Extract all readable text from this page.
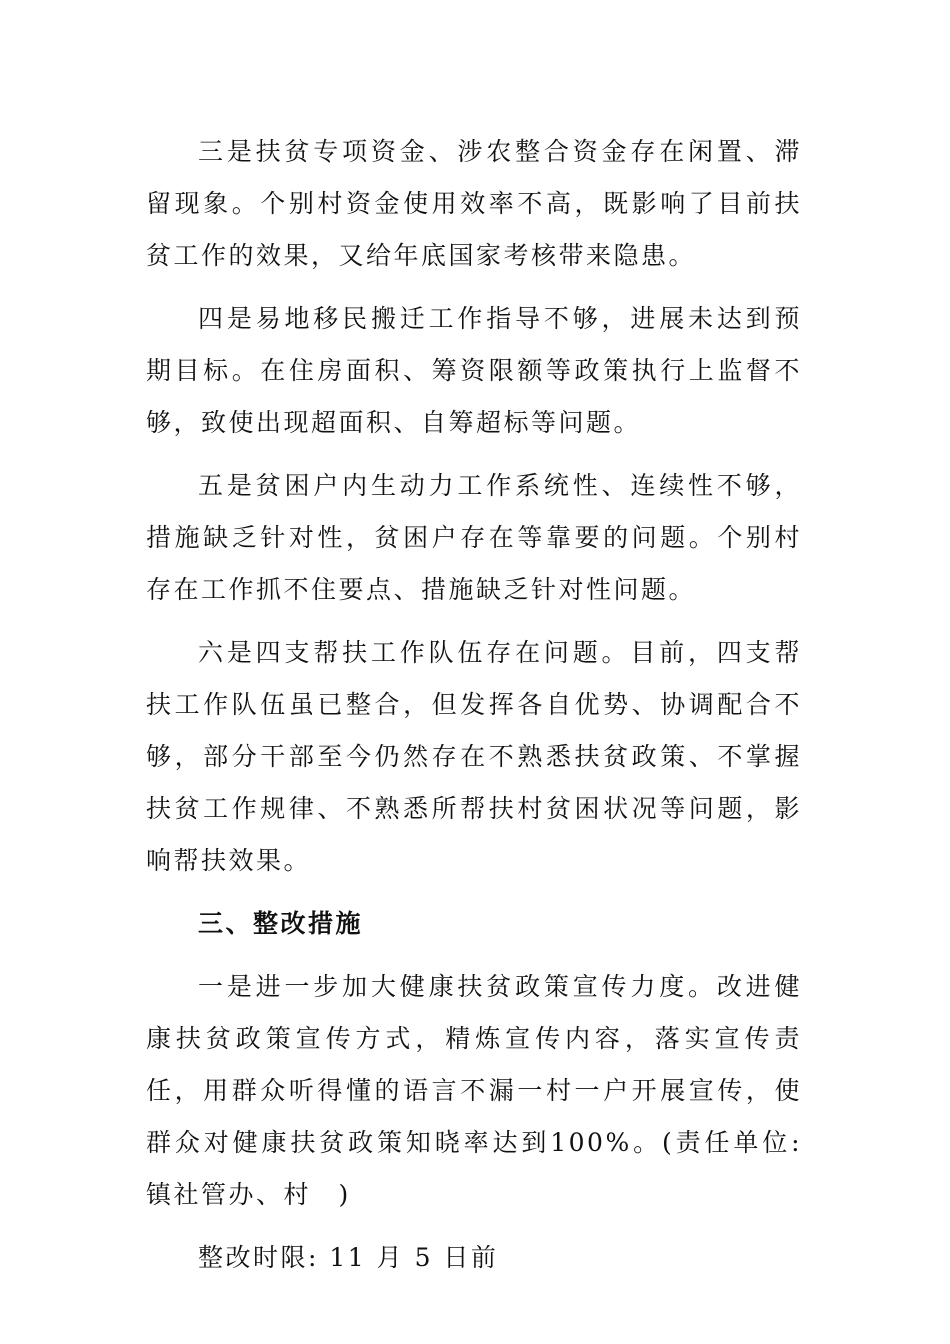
三是扶贫专项资金、涉农整合资金存在闲置、滞留现象。个别村资金使用效率不高，既影响了目前扶贫工作的效果，又给年底国家考核带来隐患。

四是易地移民搬迁工作指导不够，进展未达到预期目标。在住房面积、筹资限额等政策执行上监督不够，致使出现超面积、自筹超标等问题。

五是贫困户内生动力工作系统性、连续性不够，措施缺乏针对性，贫困户存在等靠要的问题。个别村存在工作抓不住要点、措施缺乏针对性问题。

六是四支帮扶工作队伍存在问题。目前，四支帮扶工作队伍虽已整合，但发挥各自优势、协调配合不够，部分干部至今仍然存在不熟悉扶贫政策、不掌握扶贫工作规律、不熟悉所帮扶村贫困状况等问题，影响帮扶效果。

三、整改措施

一是进一步加大健康扶贫政策宣传力度。改进健康扶贫政策宣传方式，精炼宣传内容，落实宣传责任，用群众听得懂的语言不漏一村一户开展宣传，使群众对健康扶贫政策知晓率达到100%。(责任单位: 镇社管办、村　)

整改时限: 11 月 5 日前
